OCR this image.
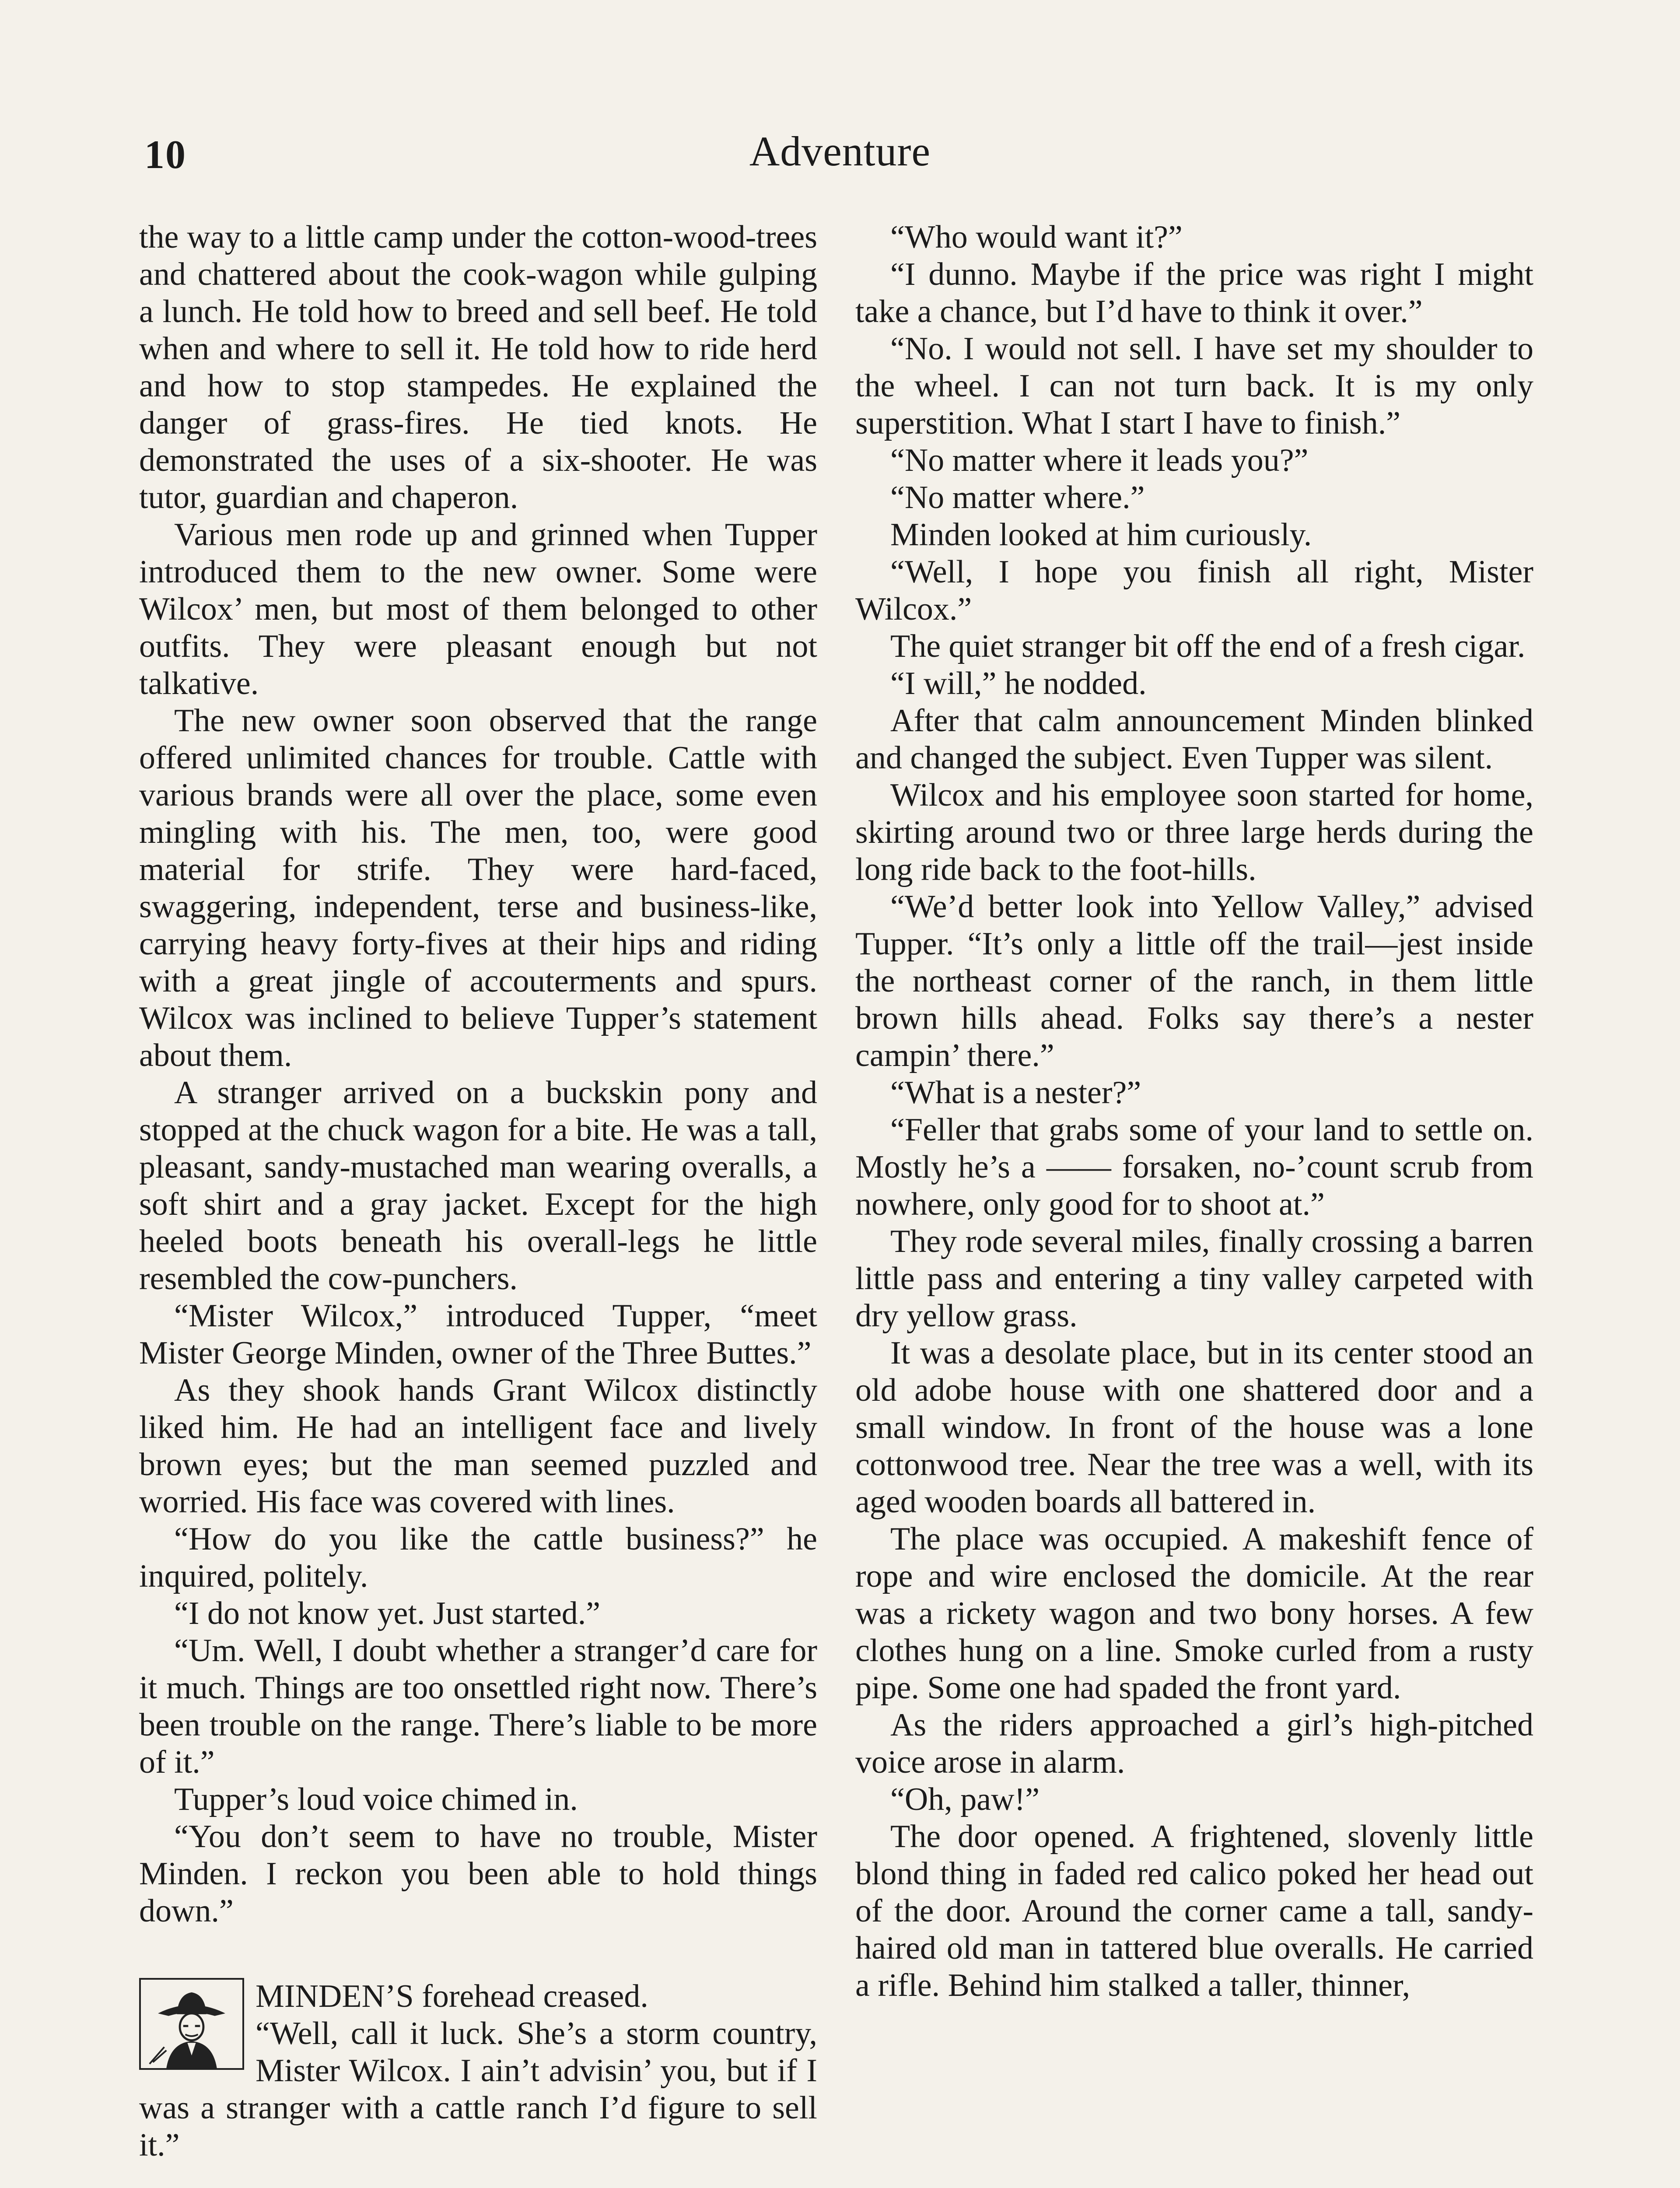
10	Adventure

the way to a little camp under the cotton-wood-trees and chattered about the cook-wagon while gulping a lunch. He told how to breed and sell beef. He told when and where to sell it. He told how to ride herd and how to stop stampedes. He explained the danger of grass-fires. He tied knots. He demonstrated the uses of a six-shooter. He was tutor, guardian and chaperon.

Various men rode up and grinned when Tupper introduced them to the new owner. Some were Wilcox’ men, but most of them belonged to other outfits. They were pleasant enough but not talkative.

The new owner soon observed that the range offered unlimited chances for trouble. Cattle with various brands were all over the place, some even mingling with his. The men, too, were good material for strife. They were hard-faced, swaggering, independent, terse and business-like, carrying heavy forty-fives at their hips and riding with a great jingle of accouterments and spurs. Wilcox was inclined to believe Tupper’s statement about them.

A stranger arrived on a buckskin pony and stopped at the chuck wagon for a bite. He was a tall, pleasant, sandy-mustached man wearing overalls, a soft shirt and a gray jacket. Except for the high heeled boots beneath his overall-legs he little resembled the cow-punchers.

“Mister Wilcox,” introduced Tupper, “meet Mister George Minden, owner of the Three Buttes.”

As they shook hands Grant Wilcox distinctly liked him. He had an intelligent face and lively brown eyes; but the man seemed puzzled and worried. His face was covered with lines.

“How do you like the cattle business?” he inquired, politely.

“I do not know yet. Just started.”

“Um. Well, I doubt whether a stranger’d care for it much. Things are too onsettled right now. There’s been trouble on the range. There’s liable to be more of it.”

Tupper’s loud voice chimed in.

“You don’t seem to have no trouble, Mister Minden. I reckon you been able to hold things down.”

MINDEN’S forehead creased.

“Well, call it luck. She’s a storm country, Mister Wilcox. I ain’t advisin’ you, but if I was a stranger with a cattle ranch I’d figure to sell it.”

“Who would want it?”

“I dunno. Maybe if the price was right I might take a chance, but I’d have to think it over.”

“No. I would not sell. I have set my shoulder to the wheel. I can not turn back. It is my only superstition. What I start I have to finish.”

“No matter where it leads you?”

“No matter where.”

Minden looked at him curiously.

“Well, I hope you finish all right, Mister Wilcox.”

The quiet stranger bit off the end of a fresh cigar.

“I will,” he nodded.

After that calm announcement Minden blinked and changed the subject. Even Tupper was silent.

Wilcox and his employee soon started for home, skirting around two or three large herds during the long ride back to the foot-hills.

“We’d better look into Yellow Valley,” advised Tupper. “It’s only a little off the trail—jest inside the northeast corner of the ranch, in them little brown hills ahead. Folks say there’s a nester campin’ there.”

“What is a nester?”

“Feller that grabs some of your land to settle on. Mostly he’s a —— forsaken, no-’count scrub from nowhere, only good for to shoot at.”

They rode several miles, finally crossing a barren little pass and entering a tiny valley carpeted with dry yellow grass.

It was a desolate place, but in its center stood an old adobe house with one shattered door and a small window. In front of the house was a lone cottonwood tree. Near the tree was a well, with its aged wooden boards all battered in.

The place was occupied. A makeshift fence of rope and wire enclosed the domicile. At the rear was a rickety wagon and two bony horses. A few clothes hung on a line. Smoke curled from a rusty pipe. Some one had spaded the front yard.

As the riders approached a girl’s high-pitched voice arose in alarm.

“Oh, paw!”

The door opened. A frightened, slovenly little blond thing in faded red calico poked her head out of the door. Around the corner came a tall, sandy-haired old man in tattered blue overalls. He carried a rifle. Behind him stalked a taller, thinner,
